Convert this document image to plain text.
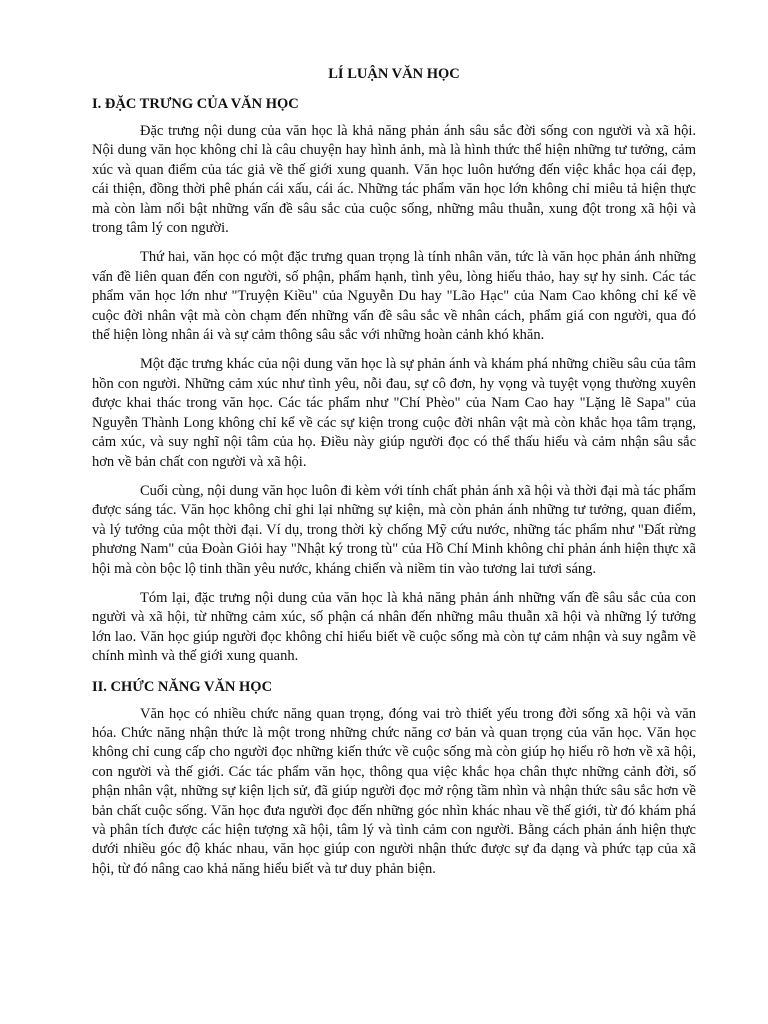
LÍ LUẬN VĂN HỌC
I. ĐẶC TRƯNG CỦA VĂN HỌC

Đặc trưng nội dung của văn học là khả năng phản ánh sâu sắc đời sống con người và xã hội. Nội dung văn học không chỉ là câu chuyện hay hình ảnh, mà là hình thức thể hiện những tư tưởng, cảm xúc và quan điểm của tác giả về thế giới xung quanh. Văn học luôn hướng đến việc khắc họa cái đẹp, cái thiện, đồng thời phê phán cái xấu, cái ác. Những tác phẩm văn học lớn không chỉ miêu tả hiện thực mà còn làm nổi bật những vấn đề sâu sắc của cuộc sống, những mâu thuẫn, xung đột trong xã hội và trong tâm lý con người.

Thứ hai, văn học có một đặc trưng quan trọng là tính nhân văn, tức là văn học phản ánh những vấn đề liên quan đến con người, số phận, phẩm hạnh, tình yêu, lòng hiếu thảo, hay sự hy sinh. Các tác phẩm văn học lớn như "Truyện Kiều" của Nguyễn Du hay "Lão Hạc" của Nam Cao không chỉ kể về cuộc đời nhân vật mà còn chạm đến những vấn đề sâu sắc về nhân cách, phẩm giá con người, qua đó thể hiện lòng nhân ái và sự cảm thông sâu sắc với những hoàn cảnh khó khăn.

Một đặc trưng khác của nội dung văn học là sự phản ánh và khám phá những chiều sâu của tâm hồn con người. Những cảm xúc như tình yêu, nỗi đau, sự cô đơn, hy vọng và tuyệt vọng thường xuyên được khai thác trong văn học. Các tác phẩm như "Chí Phèo" của Nam Cao hay "Lặng lẽ Sapa" của Nguyễn Thành Long không chỉ kể về các sự kiện trong cuộc đời nhân vật mà còn khắc họa tâm trạng, cảm xúc, và suy nghĩ nội tâm của họ. Điều này giúp người đọc có thể thấu hiểu và cảm nhận sâu sắc hơn về bản chất con người và xã hội.

Cuối cùng, nội dung văn học luôn đi kèm với tính chất phản ánh xã hội và thời đại mà tác phẩm được sáng tác. Văn học không chỉ ghi lại những sự kiện, mà còn phản ánh những tư tưởng, quan điểm, và lý tưởng của một thời đại. Ví dụ, trong thời kỳ chống Mỹ cứu nước, những tác phẩm như "Đất rừng phương Nam" của Đoàn Giỏi hay "Nhật ký trong tù" của Hồ Chí Minh không chỉ phản ánh hiện thực xã hội mà còn bộc lộ tinh thần yêu nước, kháng chiến và niềm tin vào tương lai tươi sáng.

Tóm lại, đặc trưng nội dung của văn học là khả năng phản ánh những vấn đề sâu sắc của con người và xã hội, từ những cảm xúc, số phận cá nhân đến những mâu thuẫn xã hội và những lý tưởng lớn lao. Văn học giúp người đọc không chỉ hiểu biết về cuộc sống mà còn tự cảm nhận và suy ngẫm về chính mình và thế giới xung quanh.

II. CHỨC NĂNG VĂN HỌC

Văn học có nhiều chức năng quan trọng, đóng vai trò thiết yếu trong đời sống xã hội và văn hóa. Chức năng nhận thức là một trong những chức năng cơ bản và quan trọng của văn học. Văn học không chỉ cung cấp cho người đọc những kiến thức về cuộc sống mà còn giúp họ hiểu rõ hơn về xã hội, con người và thế giới. Các tác phẩm văn học, thông qua việc khắc họa chân thực những cảnh đời, số phận nhân vật, những sự kiện lịch sử, đã giúp người đọc mở rộng tầm nhìn và nhận thức sâu sắc hơn về bản chất cuộc sống. Văn học đưa người đọc đến những góc nhìn khác nhau về thế giới, từ đó khám phá và phân tích được các hiện tượng xã hội, tâm lý và tình cảm con người. Bằng cách phản ánh hiện thực dưới nhiều góc độ khác nhau, văn học giúp con người nhận thức được sự đa dạng và phức tạp của xã hội, từ đó nâng cao khả năng hiểu biết và tư duy phản biện.
